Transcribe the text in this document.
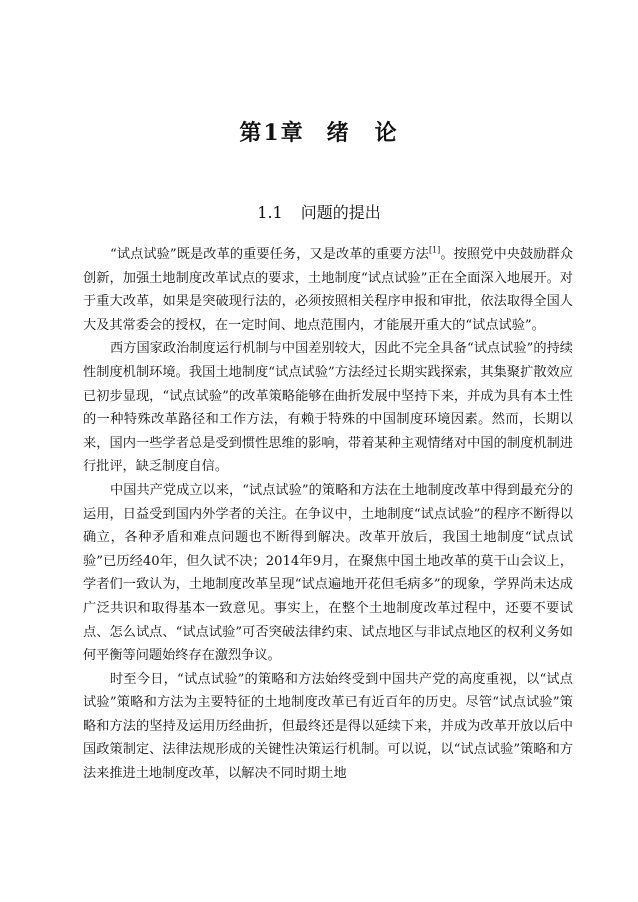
第1章 绪　论
1.1 问题的提出

“试点试验”既是改革的重要任务，又是改革的重要方法[1]。按照党中央鼓励群众创新，加强土地制度改革试点的要求，土地制度“试点试验”正在全面深入地展开。对于重大改革，如果是突破现行法的，必须按照相关程序申报和审批，依法取得全国人大及其常委会的授权，在一定时间、地点范围内，才能展开重大的“试点试验”。

西方国家政治制度运行机制与中国差别较大，因此不完全具备“试点试验”的持续性制度机制环境。我国土地制度“试点试验”方法经过长期实践探索，其集聚扩散效应已初步显现，“试点试验”的改革策略能够在曲折发展中坚持下来，并成为具有本土性的一种特殊改革路径和工作方法，有赖于特殊的中国制度环境因素。然而，长期以来，国内一些学者总是受到惯性思维的影响，带着某种主观情绪对中国的制度机制进行批评，缺乏制度自信。

中国共产党成立以来，“试点试验”的策略和方法在土地制度改革中得到最充分的运用，日益受到国内外学者的关注。在争议中，土地制度“试点试验”的程序不断得以确立，各种矛盾和难点问题也不断得到解决。改革开放后，我国土地制度“试点试验”已历经40年，但久试不决；2014年9月，在聚焦中国土地改革的莫干山会议上，学者们一致认为，土地制度改革呈现“试点遍地开花但毛病多”的现象，学界尚未达成广泛共识和取得基本一致意见。事实上，在整个土地制度改革过程中，还要不要试点、怎么试点、“试点试验”可否突破法律约束、试点地区与非试点地区的权利义务如何平衡等问题始终存在激烈争议。

时至今日，“试点试验”的策略和方法始终受到中国共产党的高度重视，以“试点试验”策略和方法为主要特征的土地制度改革已有近百年的历史。尽管“试点试验”策略和方法的坚持及运用历经曲折，但最终还是得以延续下来，并成为改革开放以后中国政策制定、法律法规形成的关键性决策运行机制。可以说，以“试点试验”策略和方法来推进土地制度改革，以解决不同时期土地
